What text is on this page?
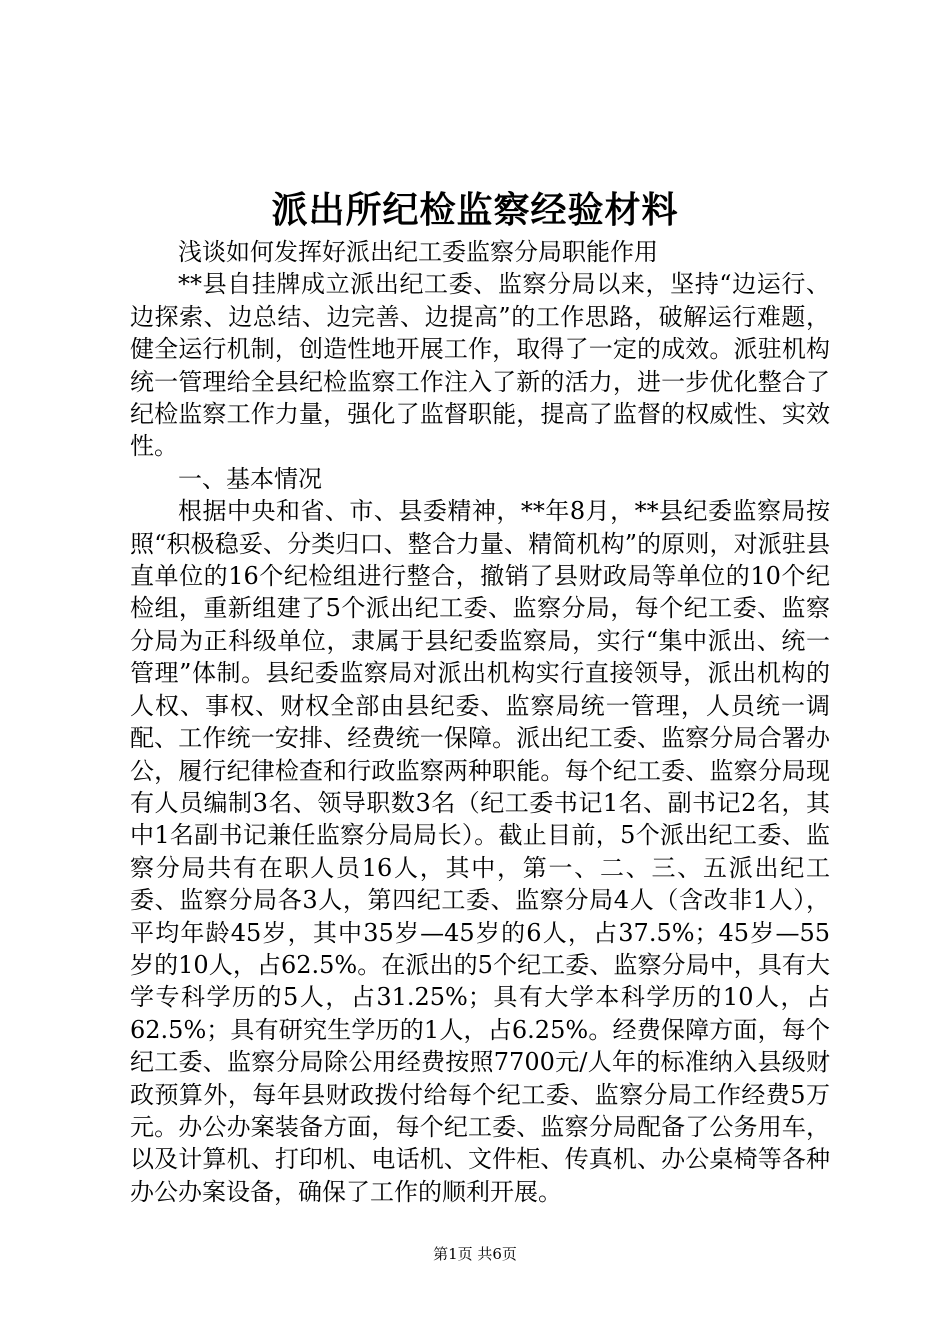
派出所纪检监察经验材料

浅谈如何发挥好派出纪工委监察分局职能作用

**县自挂牌成立派出纪工委、监察分局以来，坚持“边运行、边探索、边总结、边完善、边提高”的工作思路，破解运行难题，健全运行机制，创造性地开展工作，取得了一定的成效。派驻机构统一管理给全县纪检监察工作注入了新的活力，进一步优化整合了纪检监察工作力量，强化了监督职能，提高了监督的权威性、实效性。

一、基本情况

根据中央和省、市、县委精神，**年8月，**县纪委监察局按照“积极稳妥、分类归口、整合力量、精简机构”的原则，对派驻县直单位的16个纪检组进行整合，撤销了县财政局等单位的10个纪检组，重新组建了5个派出纪工委、监察分局，每个纪工委、监察分局为正科级单位，隶属于县纪委监察局，实行“集中派出、统一管理”体制。县纪委监察局对派出机构实行直接领导，派出机构的人权、事权、财权全部由县纪委、监察局统一管理，人员统一调配、工作统一安排、经费统一保障。派出纪工委、监察分局合署办公，履行纪律检查和行政监察两种职能。每个纪工委、监察分局现有人员编制3名、领导职数3名（纪工委书记1名、副书记2名，其中1名副书记兼任监察分局局长）。截止目前，5个派出纪工委、监察分局共有在职人员16人，其中，第一、二、三、五派出纪工委、监察分局各3人，第四纪工委、监察分局4人（含改非1人），平均年龄45岁，其中35岁—45岁的6人，占37.5%；45岁—55岁的10人，占62.5%。在派出的5个纪工委、监察分局中，具有大学专科学历的5人，占31.25%；具有大学本科学历的10人，占62.5%；具有研究生学历的1人，占6.25%。经费保障方面，每个纪工委、监察分局除公用经费按照7700元/人年的标准纳入县级财政预算外，每年县财政拨付给每个纪工委、监察分局工作经费5万元。办公办案装备方面，每个纪工委、监察分局配备了公务用车，以及计算机、打印机、电话机、文件柜、传真机、办公桌椅等各种办公办案设备，确保了工作的顺利开展。

第1页 共6页
